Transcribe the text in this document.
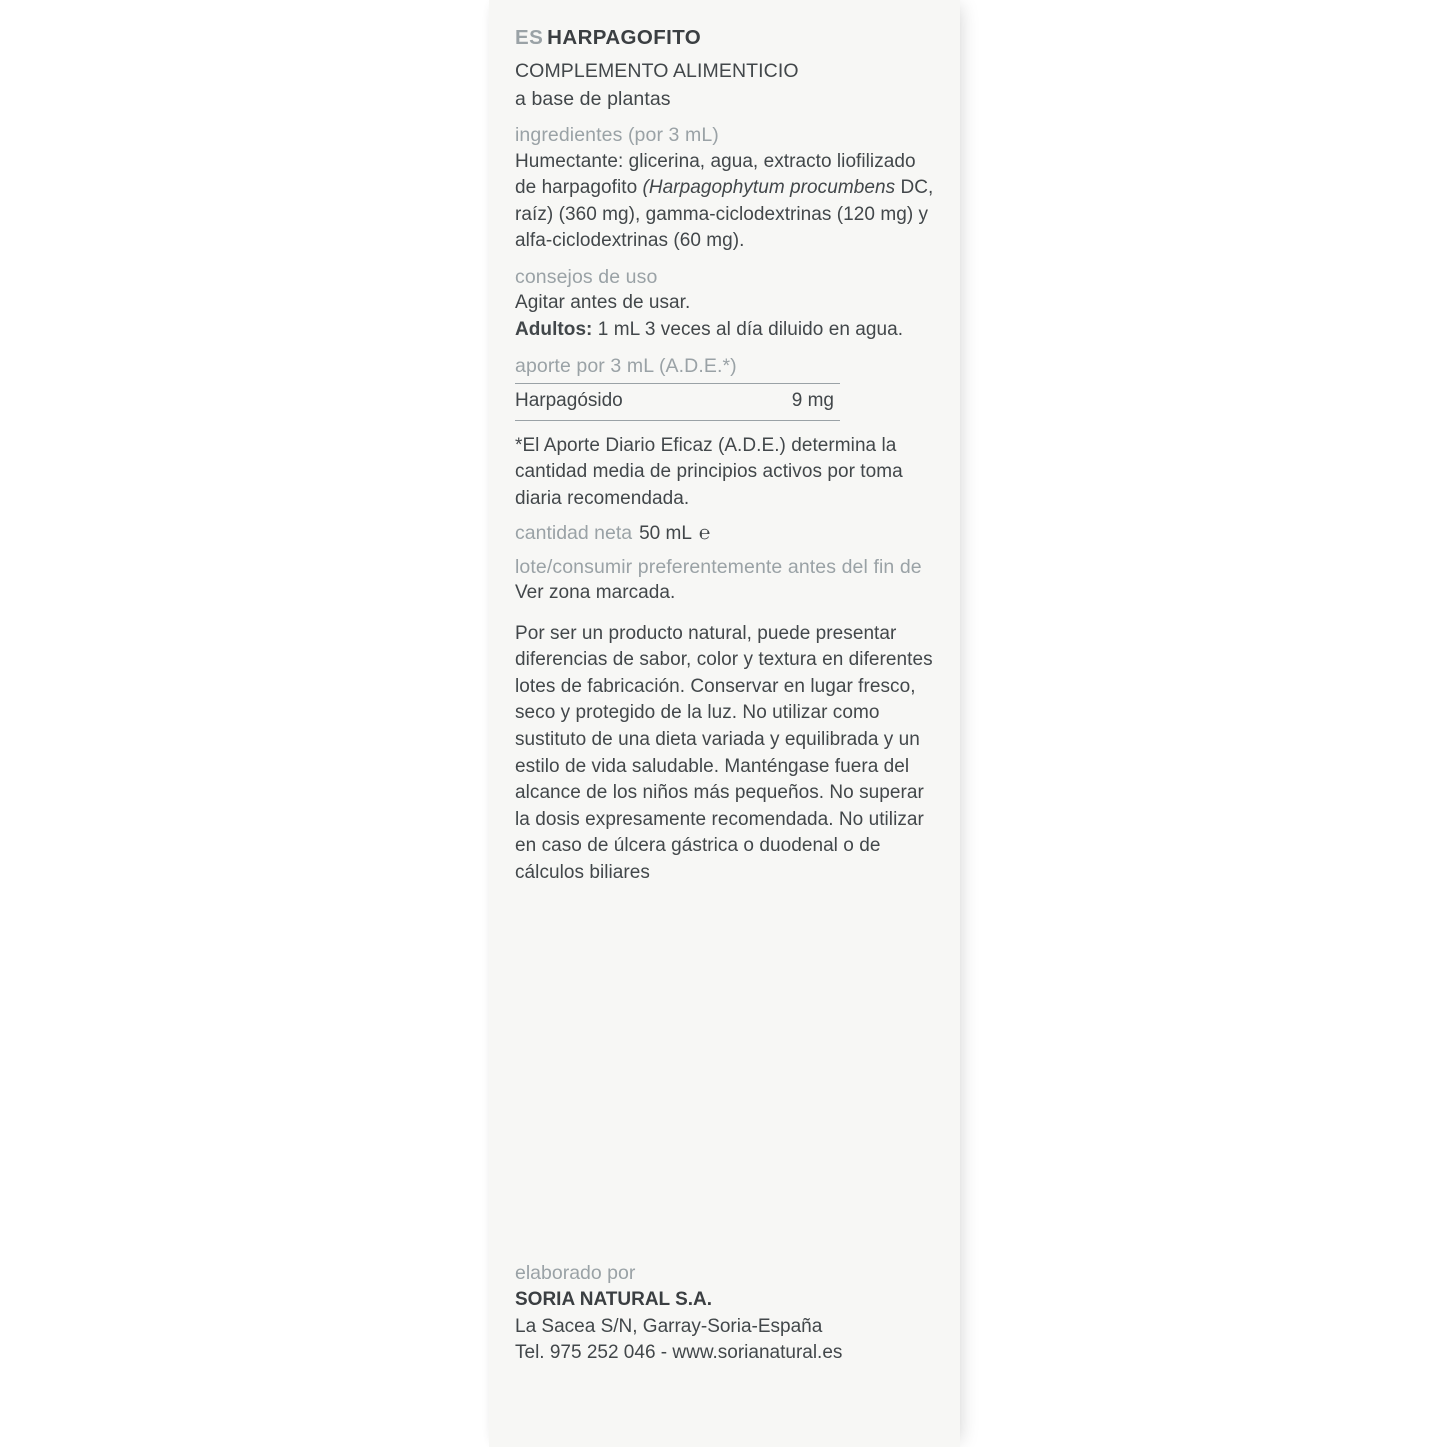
ES HARPAGOFITO
COMPLEMENTO ALIMENTICIO
a base de plantas
ingredientes (por 3 mL)
Humectante: glicerina, agua, extracto liofilizado de harpagofito (Harpagophytum procumbens DC, raíz) (360 mg), gamma-ciclodextrinas (120 mg) y alfa-ciclodextrinas (60 mg).
consejos de uso
Agitar antes de usar.
Adultos: 1 mL 3 veces al día diluido en agua.
aporte por 3 mL (A.D.E.*)
Harpagósido	9 mg
*El Aporte Diario Eficaz (A.D.E.) determina la cantidad media de principios activos por toma diaria recomendada.
cantidad neta 50 mL ℮
lote/consumir preferentemente antes del fin de
Ver zona marcada.
Por ser un producto natural, puede presentar diferencias de sabor, color y textura en diferentes lotes de fabricación. Conservar en lugar fresco, seco y protegido de la luz. No utilizar como sustituto de una dieta variada y equilibrada y un estilo de vida saludable. Manténgase fuera del alcance de los niños más pequeños. No superar la dosis expresamente recomendada. No utilizar en caso de úlcera gástrica o duodenal o de cálculos biliares
elaborado por
SORIA NATURAL S.A.
La Sacea S/N, Garray-Soria-España
Tel. 975 252 046 - www.sorianatural.es
